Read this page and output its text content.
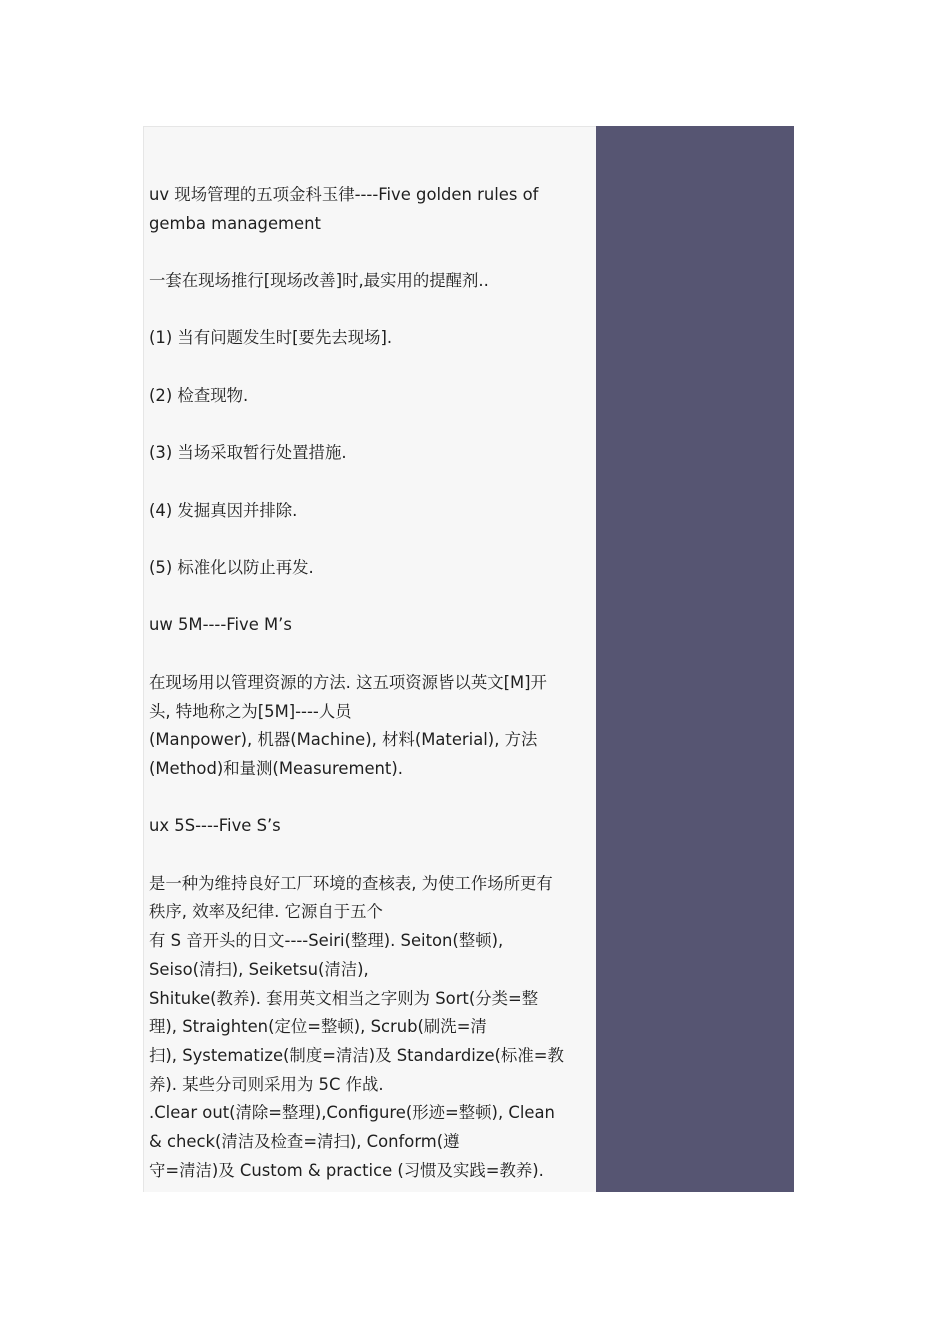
uv 现场管理的五项金科玉律----Five golden rules of
gemba management
一套在现场推行[现场改善]时,最实用的提醒剂..
(1) 当有问题发生时[要先去现场].
(2) 检查现物.
(3) 当场采取暂行处置措施.
(4) 发掘真因并排除.
(5) 标准化以防止再发.
uw 5M----Five M’s
在现场用以管理资源的方法. 这五项资源皆以英文[M]开
头, 特地称之为[5M]----人员
(Manpower), 机器(Machine), 材料(Material), 方法
(Method)和量测(Measurement).
ux 5S----Five S’s
是一种为维持良好工厂环境的查核表, 为使工作场所更有
秩序, 效率及纪律. 它源自于五个
有 S 音开头的日文----Seiri(整理). Seiton(整顿),
Seiso(清扫), Seiketsu(清洁),
Shituke(教养). 套用英文相当之字则为 Sort(分类=整
理), Straighten(定位=整顿), Scrub(刷洗=清
扫), Systematize(制度=清洁)及 Standardize(标准=教
养). 某些分司则采用为 5C 作战.
.Clear out(清除=整理),Configure(形迹=整顿), Clean
& check(清洁及检查=清扫), Conform(遵
守=清洁)及 Custom & practice (习惯及实践=教养).
